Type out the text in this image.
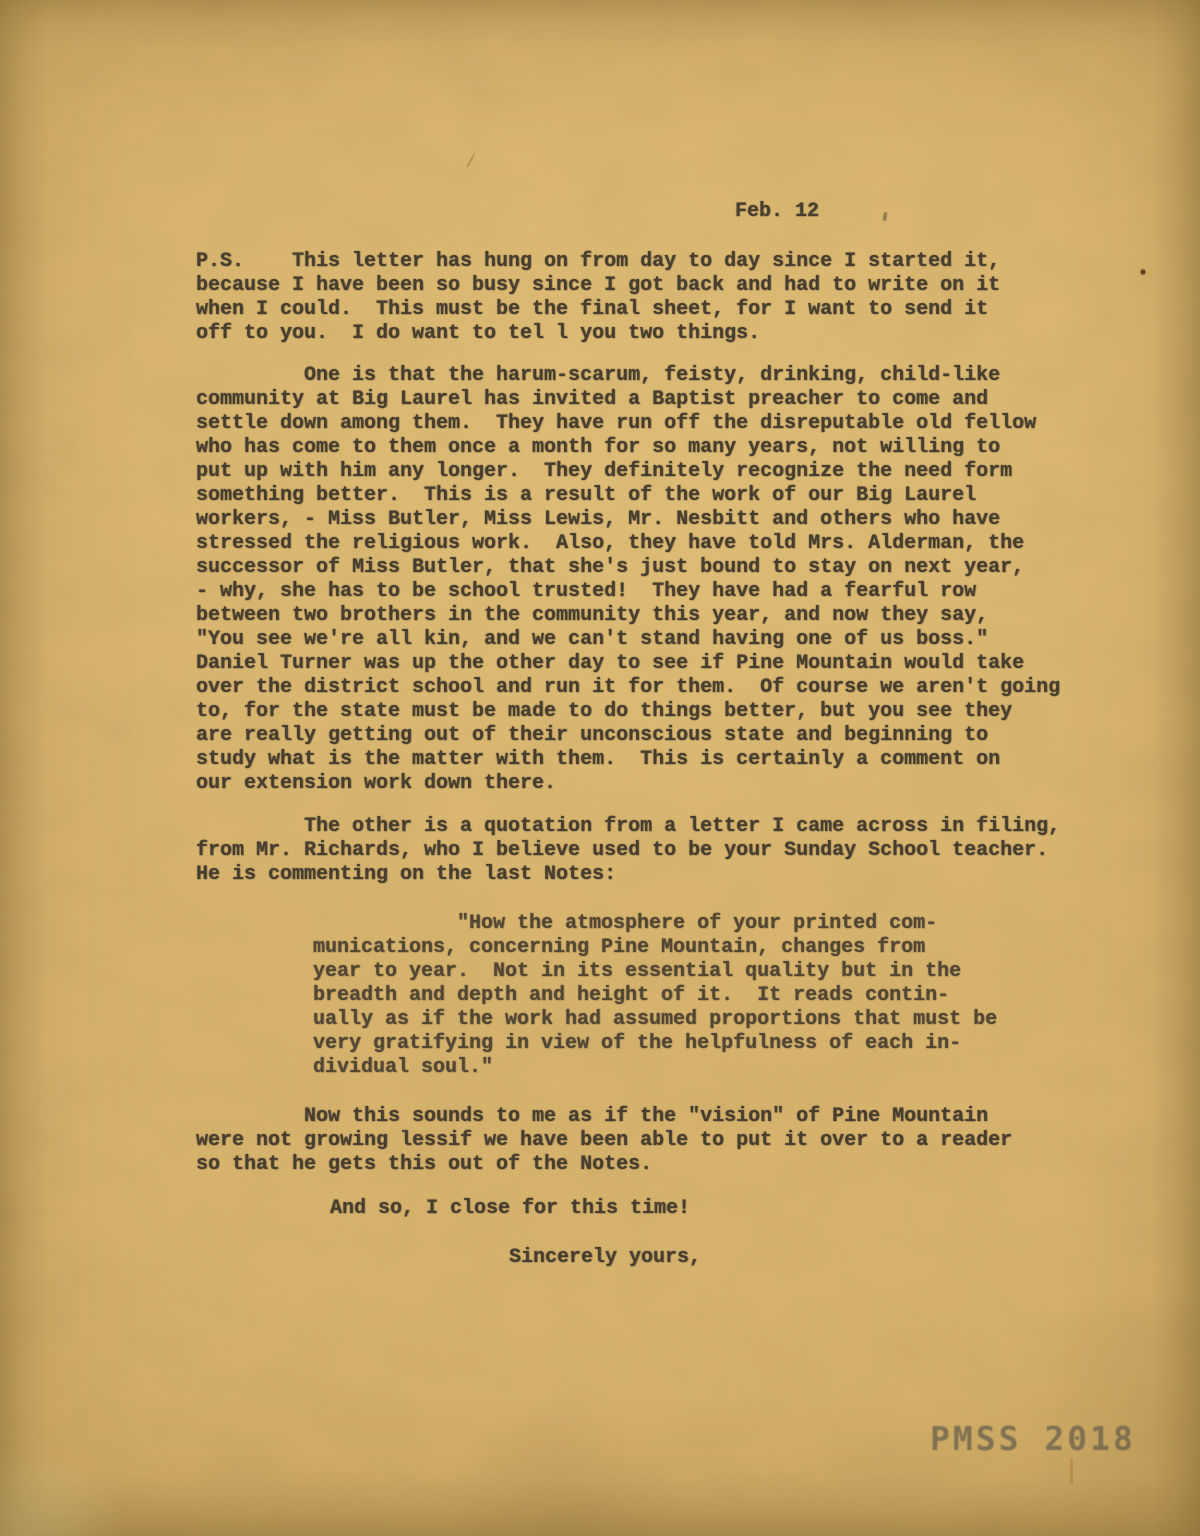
Feb. 12
P.S.    This letter has hung on from day to day since I started it,
because I have been so busy since I got back and had to write on it
when I could.  This must be the final sheet, for I want to send it
off to you.  I do want to tel l you two things.
One is that the harum-scarum, feisty, drinking, child-like
community at Big Laurel has invited a Baptist preacher to come and
settle down among them.  They have run off the disreputable old fellow
who has come to them once a month for so many years, not willing to
put up with him any longer.  They definitely recognize the need form
something better.  This is a result of the work of our Big Laurel
workers, - Miss Butler, Miss Lewis, Mr. Nesbitt and others who have
stressed the religious work.  Also, they have told Mrs. Alderman, the
successor of Miss Butler, that she's just bound to stay on next year,
- why, she has to be school trusted!  They have had a fearful row
between two brothers in the community this year, and now they say,
"You see we're all kin, and we can't stand having one of us boss."
Daniel Turner was up the other day to see if Pine Mountain would take
over the district school and run it for them.  Of course we aren't going
to, for the state must be made to do things better, but you see they
are really getting out of their unconscious state and beginning to
study what is the matter with them.  This is certainly a comment on
our extension work down there.
The other is a quotation from a letter I came across in filing,
from Mr. Richards, who I believe used to be your Sunday School teacher.
He is commenting on the last Notes:
"How the atmosphere of your printed com-
munications, concerning Pine Mountain, changes from
year to year.  Not in its essential quality but in the
breadth and depth and height of it.  It reads contin-
ually as if the work had assumed proportions that must be
very gratifying in view of the helpfulness of each in-
dividual soul."
Now this sounds to me as if the "vision" of Pine Mountain
were not growing lessif we have been able to put it over to a reader
so that he gets this out of the Notes.
And so, I close for this time!
Sincerely yours,
PMSS 2018
